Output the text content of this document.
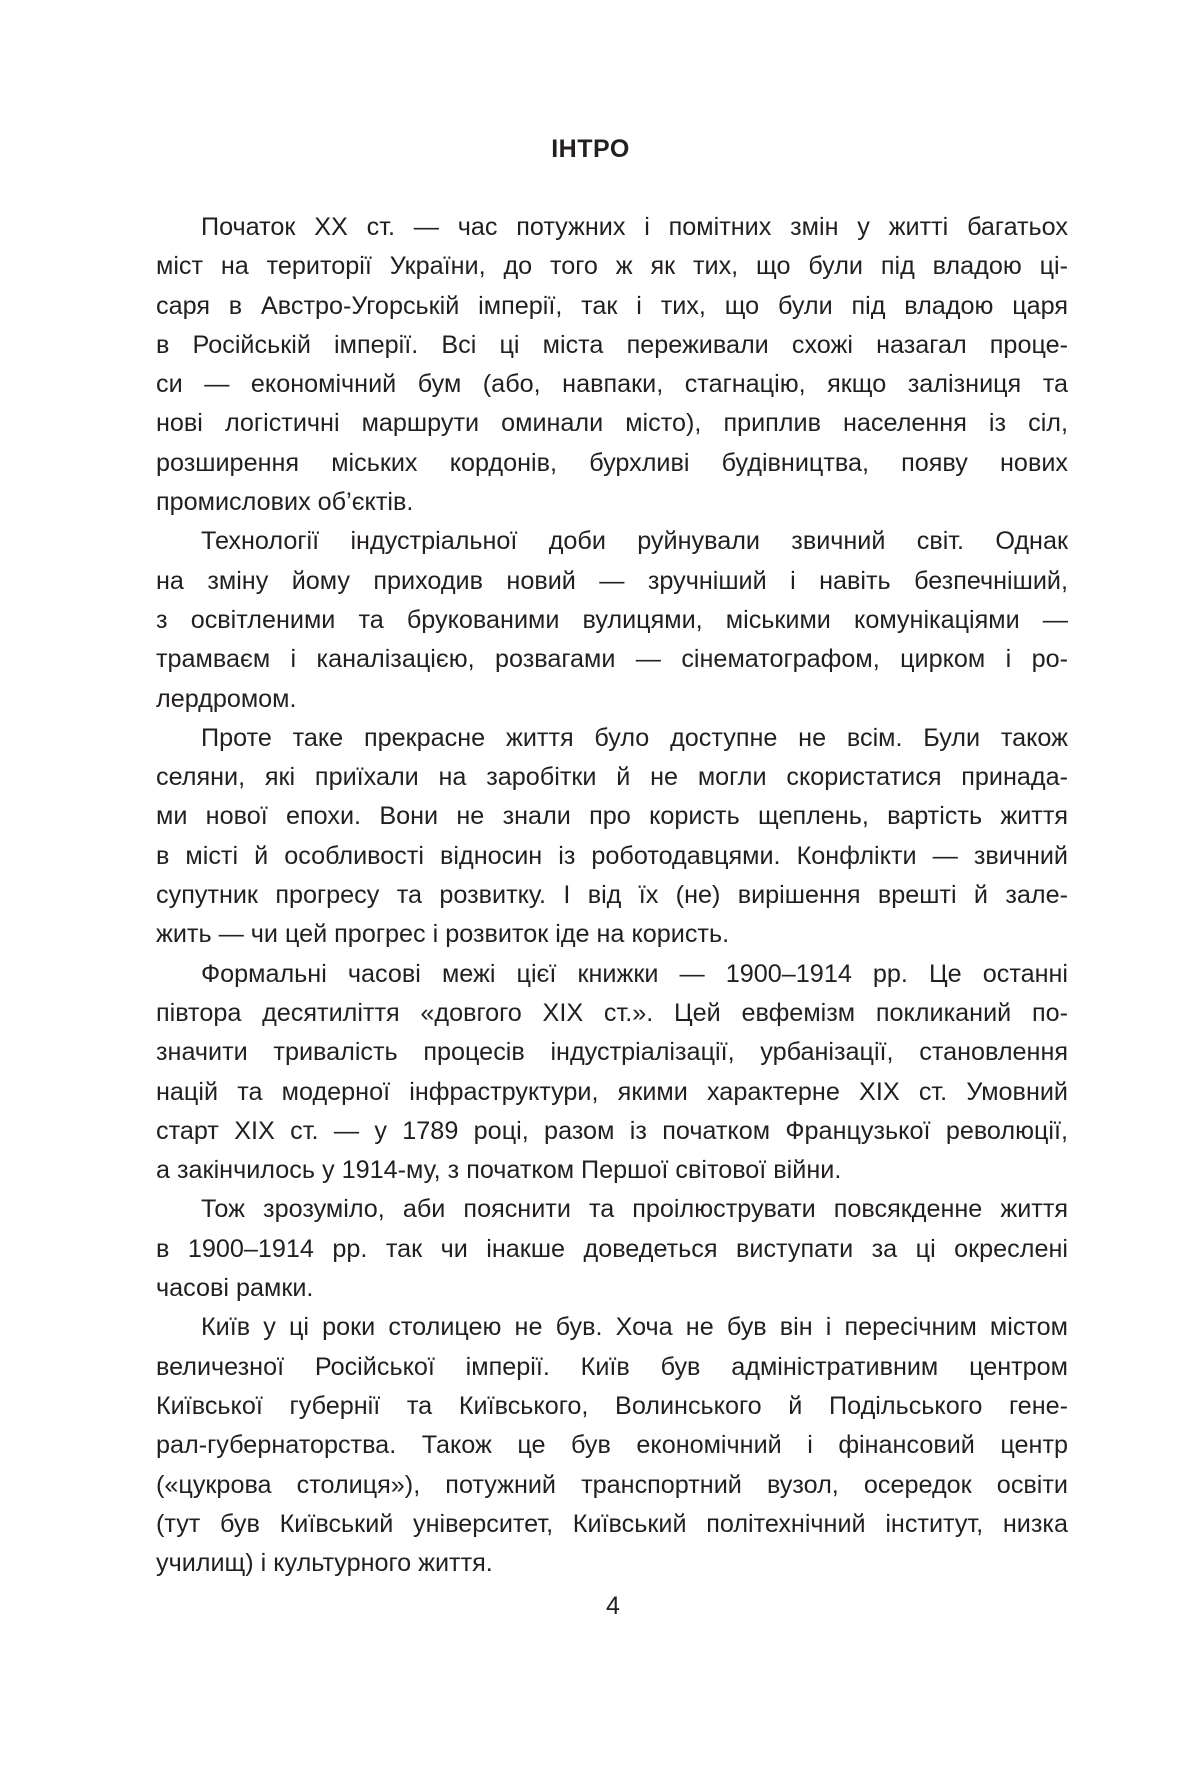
ІНТРО

Початок ХХ ст. — час потужних і помітних змін у житті багатьох
міст на території України, до того ж як тих, що були під владою ці-
саря в Австро-Угорській імперії, так і тих, що були під владою царя
в Російській імперії. Всі ці міста переживали схожі назагал проце-
си — економічний бум (або, навпаки, стагнацію, якщо залізниця та
нові логістичні маршрути оминали місто), приплив населення із сіл,
розширення міських кордонів, бурхливі будівництва, появу нових
промислових об’єктів.

Технології індустріальної доби руйнували звичний світ. Однак
на зміну йому приходив новий — зручніший і навіть безпечніший,
з освітленими та брукованими вулицями, міськими комунікаціями —
трамваєм і каналізацією, розвагами — сінематографом, цирком і ро-
лердромом.

Проте таке прекрасне життя було доступне не всім. Були також
селяни, які приїхали на заробітки й не могли скористатися принада-
ми нової епохи. Вони не знали про користь щеплень, вартість життя
в місті й особливості відносин із роботодавцями. Конфлікти — звичний
супутник прогресу та розвитку. І від їх (не) вирішення врешті й зале-
жить — чи цей прогрес і розвиток іде на користь.

Формальні часові межі цієї книжки — 1900–1914 рр. Це останні
півтора десятиліття «довгого ХІХ ст.». Цей евфемізм покликаний по-
значити тривалість процесів індустріалізації, урбанізації, становлення
націй та модерної інфраструктури, якими характерне ХІХ ст. Умовний
старт ХІХ ст. — у 1789 році, разом із початком Французької революції,
а закінчилось у 1914-му, з початком Першої світової війни.

Тож зрозуміло, аби пояснити та проілюструвати повсякденне життя
в 1900–1914 рр. так чи інакше доведеться виступати за ці окреслені
часові рамки.

Київ у ці роки столицею не був. Хоча не був він і пересічним містом
величезної Російської імперії. Київ був адміністративним центром
Київської губернії та Київського, Волинського й Подільського гене-
рал-губернаторства. Також це був економічний і фінансовий центр
(«цукрова столиця»), потужний транспортний вузол, осередок освіти
(тут був Київський університет, Київський політехнічний інститут, низка
училищ) і культурного життя.

4
